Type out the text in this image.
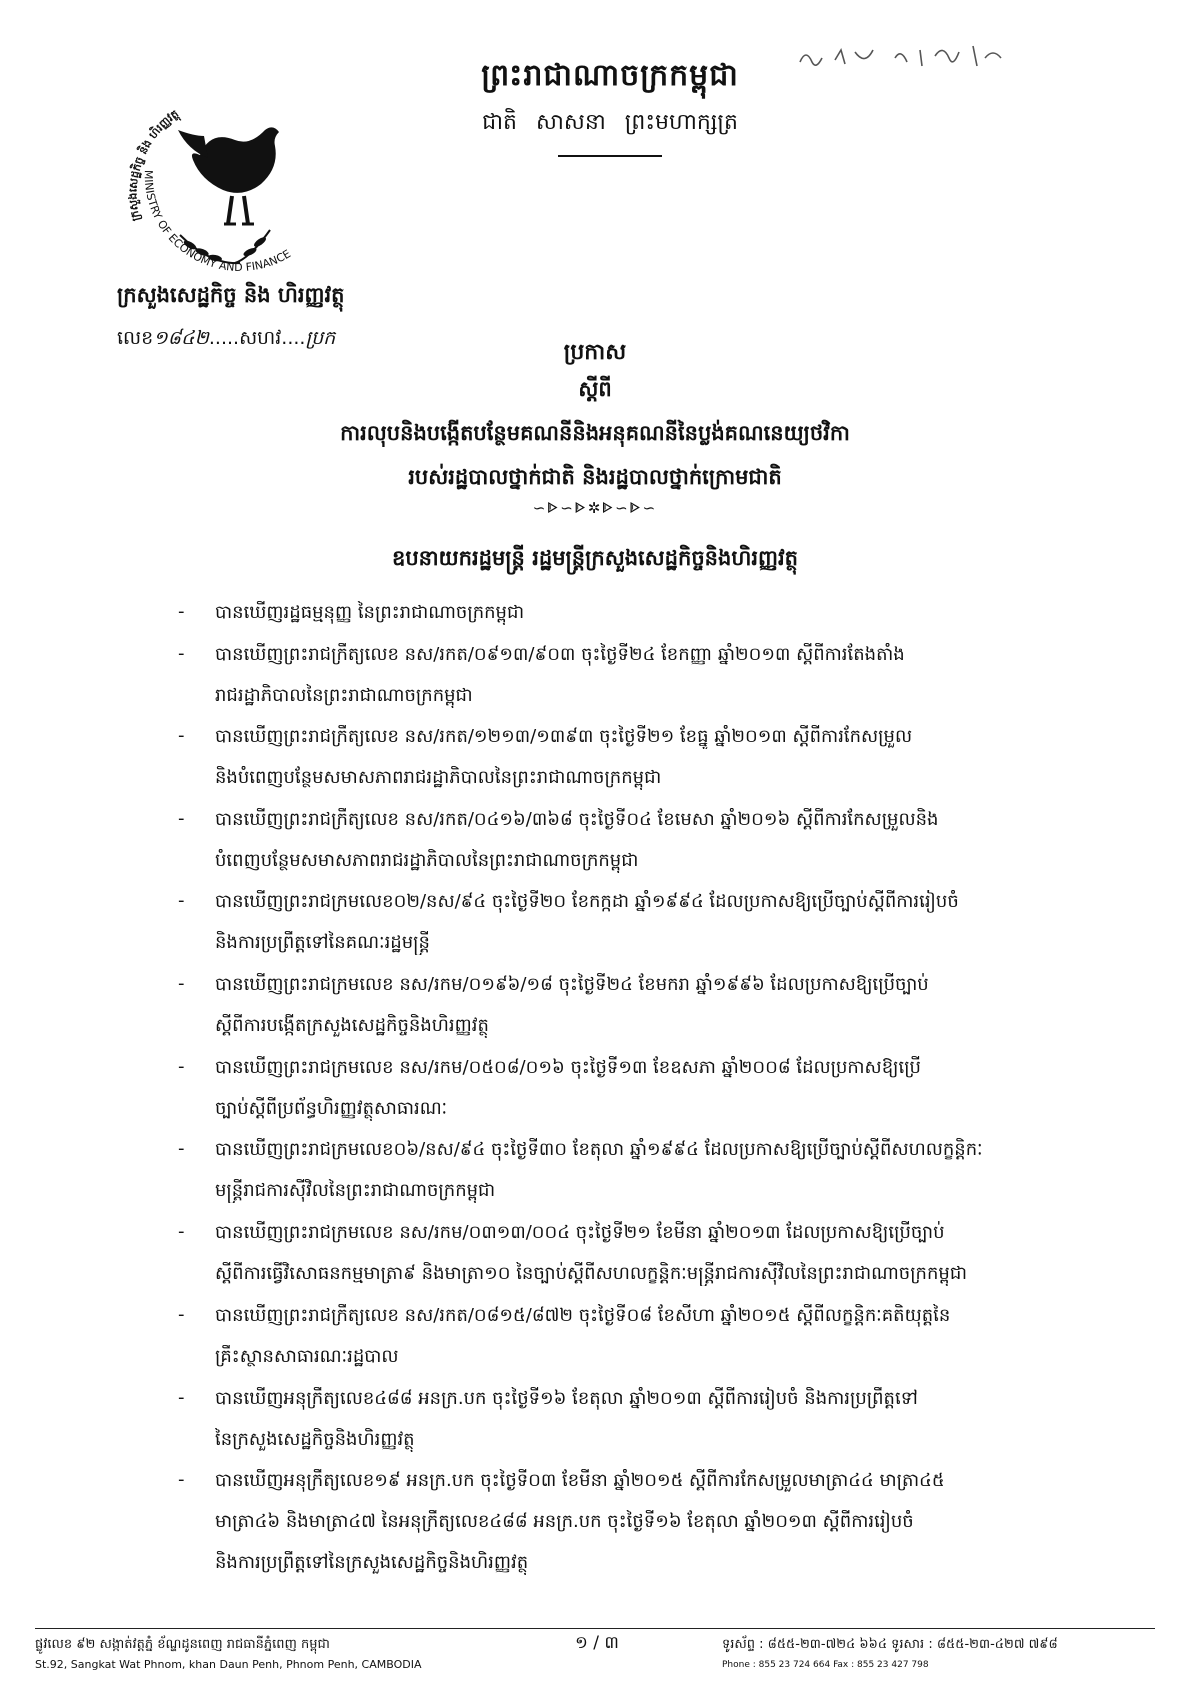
ព្រះរាជាណាចក្រកម្ពុជា
ជាតិ សាសនា ព្រះមហាក្សត្រ
MINISTRY OF ECONOMY AND FINANCE
ក្រសួងសេដ្ឋកិច្ច និង ហិរញ្ញវត្ថុ
ក្រសួងសេដ្ឋកិច្ច និង ហិរញ្ញវត្ថុ
លេខ១៨៤២.....សហវ....ប្រក
ប្រកាស
ស្តីពី
ការលុបនិងបង្កើតបន្ថែមគណនីនិងអនុគណនីនៃប្លង់គណនេយ្យថវិកា
របស់រដ្ឋបាលថ្នាក់ជាតិ និងរដ្ឋបាលថ្នាក់ក្រោមជាតិ
∽ᐈ∽ᐈ✲ᐈ∽ᐈ∽
ឧបនាយករដ្ឋមន្ត្រី រដ្ឋមន្ត្រីក្រសួងសេដ្ឋកិច្ចនិងហិរញ្ញវត្ថុ
- បានឃើញរដ្ឋធម្មនុញ្ញ នៃព្រះរាជាណាចក្រកម្ពុជា
- បានឃើញព្រះរាជក្រឹត្យលេខ នស/រកត/០៩១៣/៩០៣ ចុះថ្ងៃទី២៤ ខែកញ្ញា ឆ្នាំ២០១៣ ស្តីពីការតែងតាំង
រាជរដ្ឋាភិបាលនៃព្រះរាជាណាចក្រកម្ពុជា
- បានឃើញព្រះរាជក្រឹត្យលេខ នស/រកត/១២១៣/១៣៩៣ ចុះថ្ងៃទី២១ ខែធ្នូ ឆ្នាំ២០១៣ ស្តីពីការកែសម្រួល
និងបំពេញបន្ថែមសមាសភាពរាជរដ្ឋាភិបាលនៃព្រះរាជាណាចក្រកម្ពុជា
- បានឃើញព្រះរាជក្រឹត្យលេខ នស/រកត/០៤១៦/៣៦៨ ចុះថ្ងៃទី០៤ ខែមេសា ឆ្នាំ២០១៦ ស្តីពីការកែសម្រួលនិង
បំពេញបន្ថែមសមាសភាពរាជរដ្ឋាភិបាលនៃព្រះរាជាណាចក្រកម្ពុជា
- បានឃើញព្រះរាជក្រមលេខ០២/នស/៩៤ ចុះថ្ងៃទី២០ ខែកក្កដា ឆ្នាំ១៩៩៤ ដែលប្រកាសឱ្យប្រើច្បាប់ស្តីពីការរៀបចំ
និងការប្រព្រឹត្តទៅនៃគណៈរដ្ឋមន្ត្រី
- បានឃើញព្រះរាជក្រមលេខ នស/រកម/០១៩៦/១៨ ចុះថ្ងៃទី២៤ ខែមករា ឆ្នាំ១៩៩៦ ដែលប្រកាសឱ្យប្រើច្បាប់
ស្តីពីការបង្កើតក្រសួងសេដ្ឋកិច្ចនិងហិរញ្ញវត្ថុ
- បានឃើញព្រះរាជក្រមលេខ នស/រកម/០៥០៨/០១៦ ចុះថ្ងៃទី១៣ ខែឧសភា ឆ្នាំ២០០៨ ដែលប្រកាសឱ្យប្រើ
ច្បាប់ស្តីពីប្រព័ន្ធហិរញ្ញវត្ថុសាធារណៈ
- បានឃើញព្រះរាជក្រមលេខ០៦/នស/៩៤ ចុះថ្ងៃទី៣០ ខែតុលា ឆ្នាំ១៩៩៤ ដែលប្រកាសឱ្យប្រើច្បាប់ស្តីពីសហលក្ខន្តិកៈ
មន្ត្រីរាជការស៊ីវិលនៃព្រះរាជាណាចក្រកម្ពុជា
- បានឃើញព្រះរាជក្រមលេខ នស/រកម/០៣១៣/០០៤ ចុះថ្ងៃទី២១ ខែមីនា ឆ្នាំ២០១៣ ដែលប្រកាសឱ្យប្រើច្បាប់
ស្តីពីការធ្វើវិសោធនកម្មមាត្រា៩ និងមាត្រា១០ នៃច្បាប់ស្តីពីសហលក្ខន្តិកៈមន្ត្រីរាជការស៊ីវិលនៃព្រះរាជាណាចក្រកម្ពុជា
- បានឃើញព្រះរាជក្រឹត្យលេខ នស/រកត/០៨១៥/៨៧២ ចុះថ្ងៃទី០៨ ខែសីហា ឆ្នាំ២០១៥ ស្តីពីលក្ខន្តិកៈគតិយុត្តនៃ
គ្រឹះស្ថានសាធារណៈរដ្ឋបាល
- បានឃើញអនុក្រឹត្យលេខ៤៨៨ អនក្រ.បក ចុះថ្ងៃទី១៦ ខែតុលា ឆ្នាំ២០១៣ ស្តីពីការរៀបចំ និងការប្រព្រឹត្តទៅ
នៃក្រសួងសេដ្ឋកិច្ចនិងហិរញ្ញវត្ថុ
- បានឃើញអនុក្រឹត្យលេខ១៩ អនក្រ.បក ចុះថ្ងៃទី០៣ ខែមីនា ឆ្នាំ២០១៥ ស្តីពីការកែសម្រួលមាត្រា៤៤ មាត្រា៤៥
មាត្រា៤៦ និងមាត្រា៤៧ នៃអនុក្រឹត្យលេខ៤៨៨ អនក្រ.បក ចុះថ្ងៃទី១៦ ខែតុលា ឆ្នាំ២០១៣ ស្តីពីការរៀបចំ
និងការប្រព្រឹត្តទៅនៃក្រសួងសេដ្ឋកិច្ចនិងហិរញ្ញវត្ថុ
ផ្លូវលេខ ៩២ សង្កាត់វត្តភ្នំ ខ័ណ្ឌដូនពេញ រាជធានីភ្នំពេញ កម្ពុជា
St.92, Sangkat Wat Phnom, khan Daun Penh, Phnom Penh, CAMBODIA
១ / ៣	ទូរស័ព្ទ : ៨៥៥-២៣-៧២៤ ៦៦៤ ទូរសារ : ៨៥៥-២៣-៤២៧ ៧៩៨
Phone : 855 23 724 664 Fax : 855 23 427 798
